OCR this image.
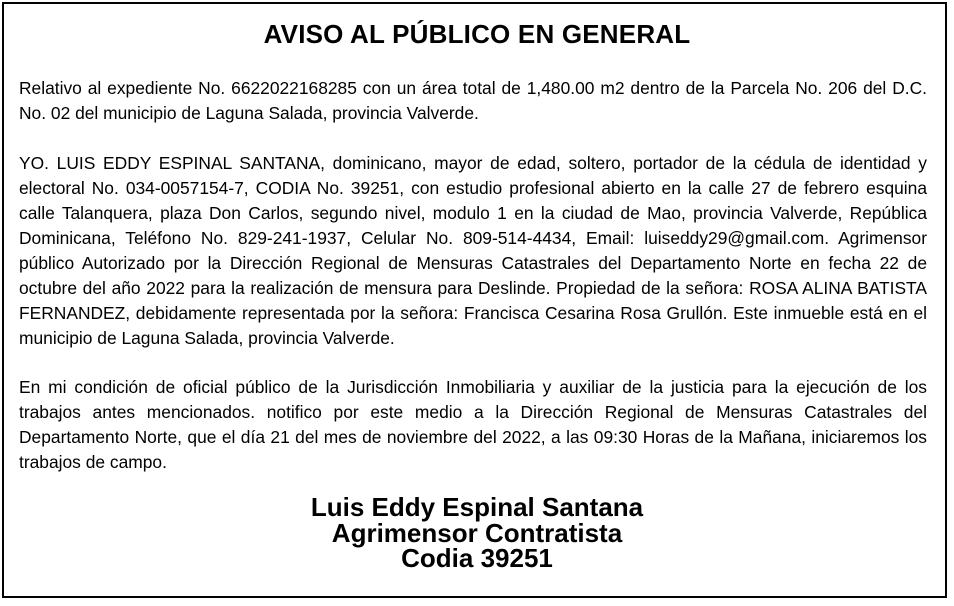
AVISO AL PÚBLICO EN GENERAL

Relativo al expediente No. 6622022168285 con un área total de 1,480.00 m2 dentro de la Parcela No. 206 del D.C. No. 02 del municipio de Laguna Salada, provincia Valverde.

YO. LUIS EDDY ESPINAL SANTANA, dominicano, mayor de edad, soltero, portador de la cédula de identidad y electoral No. 034-0057154-7, CODIA No. 39251, con estudio profesional abierto en la calle 27 de febrero esquina calle Talanquera, plaza Don Carlos, segundo nivel, modulo 1 en la ciudad de Mao, provincia Valverde, República Dominicana, Teléfono No. 829-241-1937, Celular No. 809-514-4434, Email: luiseddy29@gmail.com. Agrimensor público Autorizado por la Dirección Regional de Mensuras Catastrales del Departamento Norte en fecha 22 de octubre del año 2022 para la realización de mensura para Deslinde. Propiedad de la señora: ROSA ALINA BATISTA FERNANDEZ, debidamente representada por la señora: Francisca Cesarina Rosa Grullón. Este inmueble está en el municipio de Laguna Salada, provincia Valverde.

En mi condición de oficial público de la Jurisdicción Inmobiliaria y auxiliar de la justicia para la ejecución de los trabajos antes mencionados. notifico por este medio a la Dirección Regional de Mensuras Catastrales del Departamento Norte, que el día 21 del mes de noviembre del 2022, a las 09:30 Horas de la Mañana, iniciaremos los trabajos de campo.

Luis Eddy Espinal Santana
Agrimensor Contratista
Codia 39251
